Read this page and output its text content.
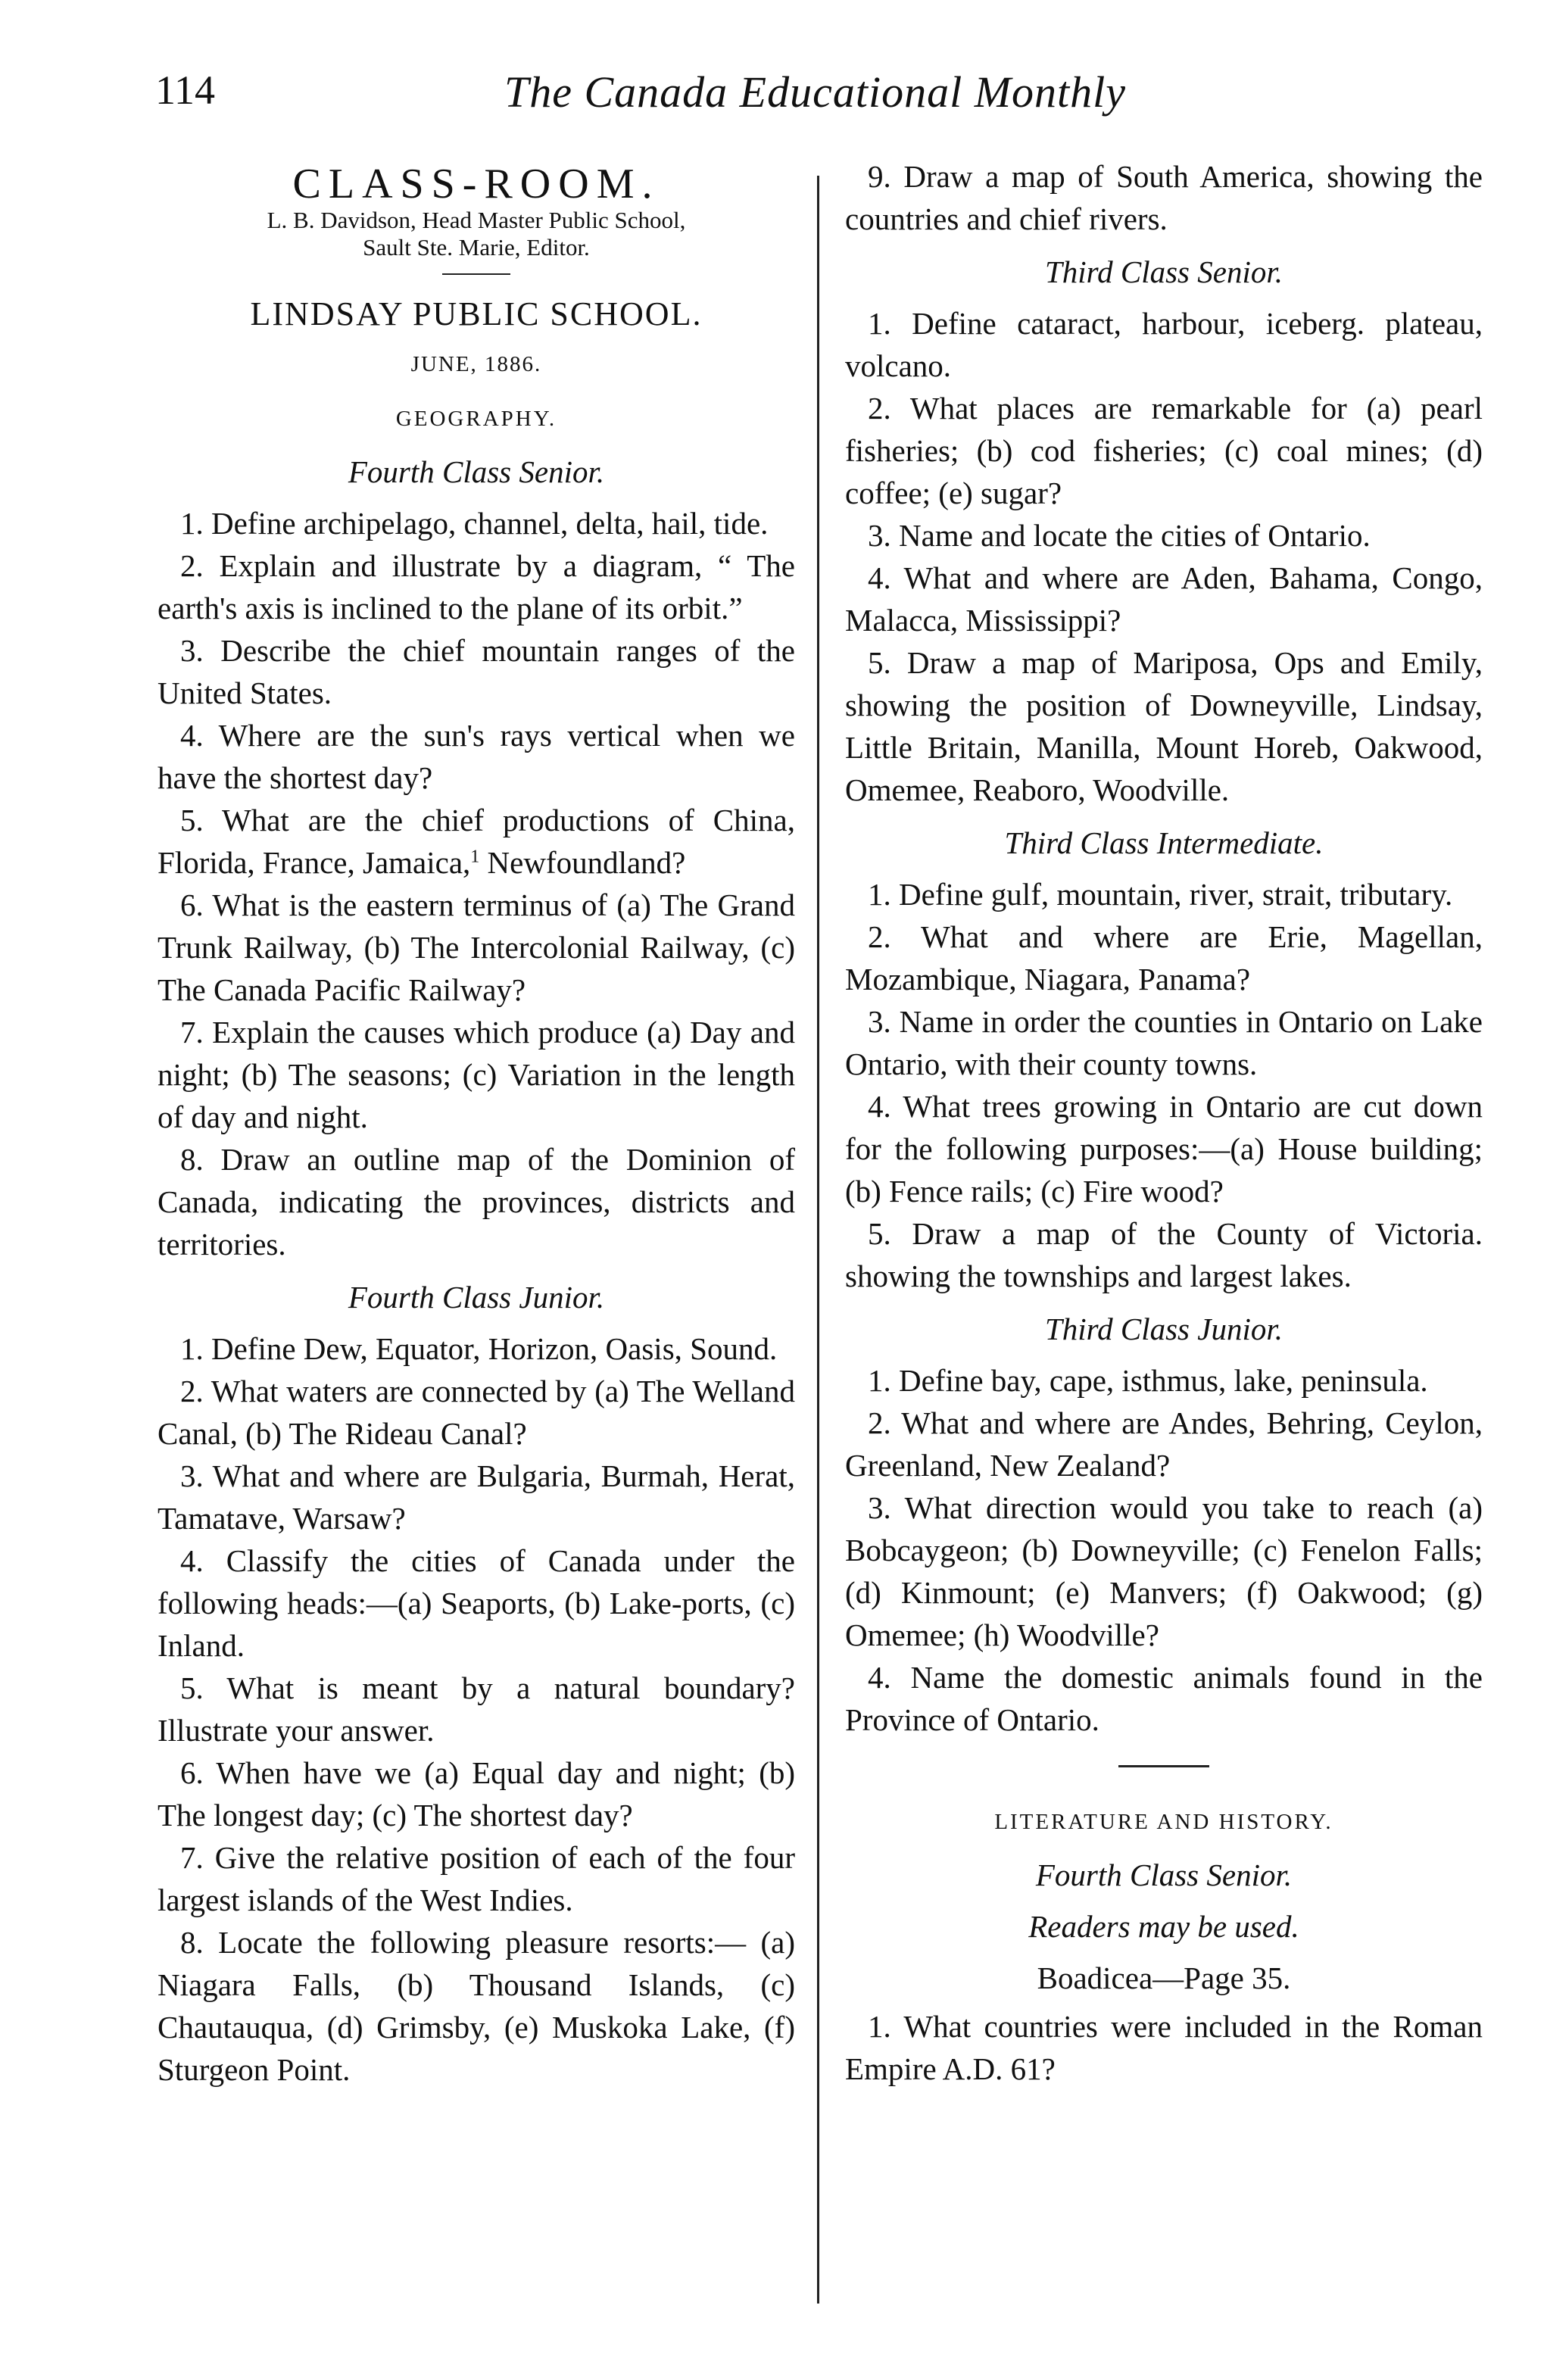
114	The Canada Educational Monthly
CLASS-ROOM.
L. B. Davidson, Head Master Public School,
Sault Ste. Marie, Editor.
LINDSAY PUBLIC SCHOOL.
JUNE, 1886.
GEOGRAPHY.
Fourth Class Senior.

1. Define archipelago, channel, delta, hail, tide.

2. Explain and illustrate by a diagram, “ The earth's axis is inclined to the plane of its orbit.”

3. Describe the chief mountain ranges of the United States.

4. Where are the sun's rays vertical when we have the shortest day?

5. What are the chief productions of China, Florida, France, Jamaica,$^1$ Newfoundland?

6. What is the eastern terminus of (a) The Grand Trunk Railway, (b) The Intercolonial Railway, (c) The Canada Pacific Railway?

7. Explain the causes which produce (a) Day and night; (b) The seasons; (c) Variation in the length of day and night.

8. Draw an outline map of the Dominion of Canada, indicating the provinces, districts and territories.

Fourth Class Junior.

1. Define Dew, Equator, Horizon, Oasis, Sound.

2. What waters are connected by (a) The Welland Canal, (b) The Rideau Canal?

3. What and where are Bulgaria, Burmah, Herat, Tamatave, Warsaw?

4. Classify the cities of Canada under the following heads:—(a) Seaports, (b) Lake-ports, (c) Inland.

5. What is meant by a natural boundary? Illustrate your answer.

6. When have we (a) Equal day and night; (b) The longest day; (c) The shortest day?

7. Give the relative position of each of the four largest islands of the West Indies.

8. Locate the following pleasure resorts:— (a) Niagara Falls, (b) Thousand Islands, (c) Chautauqua, (d) Grimsby, (e) Muskoka Lake, (f) Sturgeon Point.

9. Draw a map of South America, showing the countries and chief rivers.

Third Class Senior.

1. Define cataract, harbour, iceberg. plateau, volcano.

2. What places are remarkable for (a) pearl fisheries; (b) cod fisheries; (c) coal mines; (d) coffee; (e) sugar?

3. Name and locate the cities of Ontario.

4. What and where are Aden, Bahama, Congo, Malacca, Mississippi?

5. Draw a map of Mariposa, Ops and Emily, showing the position of Downeyville, Lindsay, Little Britain, Manilla, Mount Horeb, Oakwood, Omemee, Reaboro, Woodville.

Third Class Intermediate.

1. Define gulf, mountain, river, strait, tributary.

2. What and where are Erie, Magellan, Mozambique, Niagara, Panama?

3. Name in order the counties in Ontario on Lake Ontario, with their county towns.

4. What trees growing in Ontario are cut down for the following purposes:—(a) House building; (b) Fence rails; (c) Fire wood?

5. Draw a map of the County of Victoria. showing the townships and largest lakes.

Third Class Junior.

1. Define bay, cape, isthmus, lake, peninsula.

2. What and where are Andes, Behring, Ceylon, Greenland, New Zealand?

3. What direction would you take to reach (a) Bobcaygeon; (b) Downeyville; (c) Fenelon Falls; (d) Kinmount; (e) Manvers; (f) Oakwood; (g) Omemee; (h) Woodville?

4. Name the domestic animals found in the Province of Ontario.

LITERATURE AND HISTORY.
Fourth Class Senior.
Readers may be used.
Boadicea—Page 35.

1. What countries were included in the Roman Empire A.D. 61?
